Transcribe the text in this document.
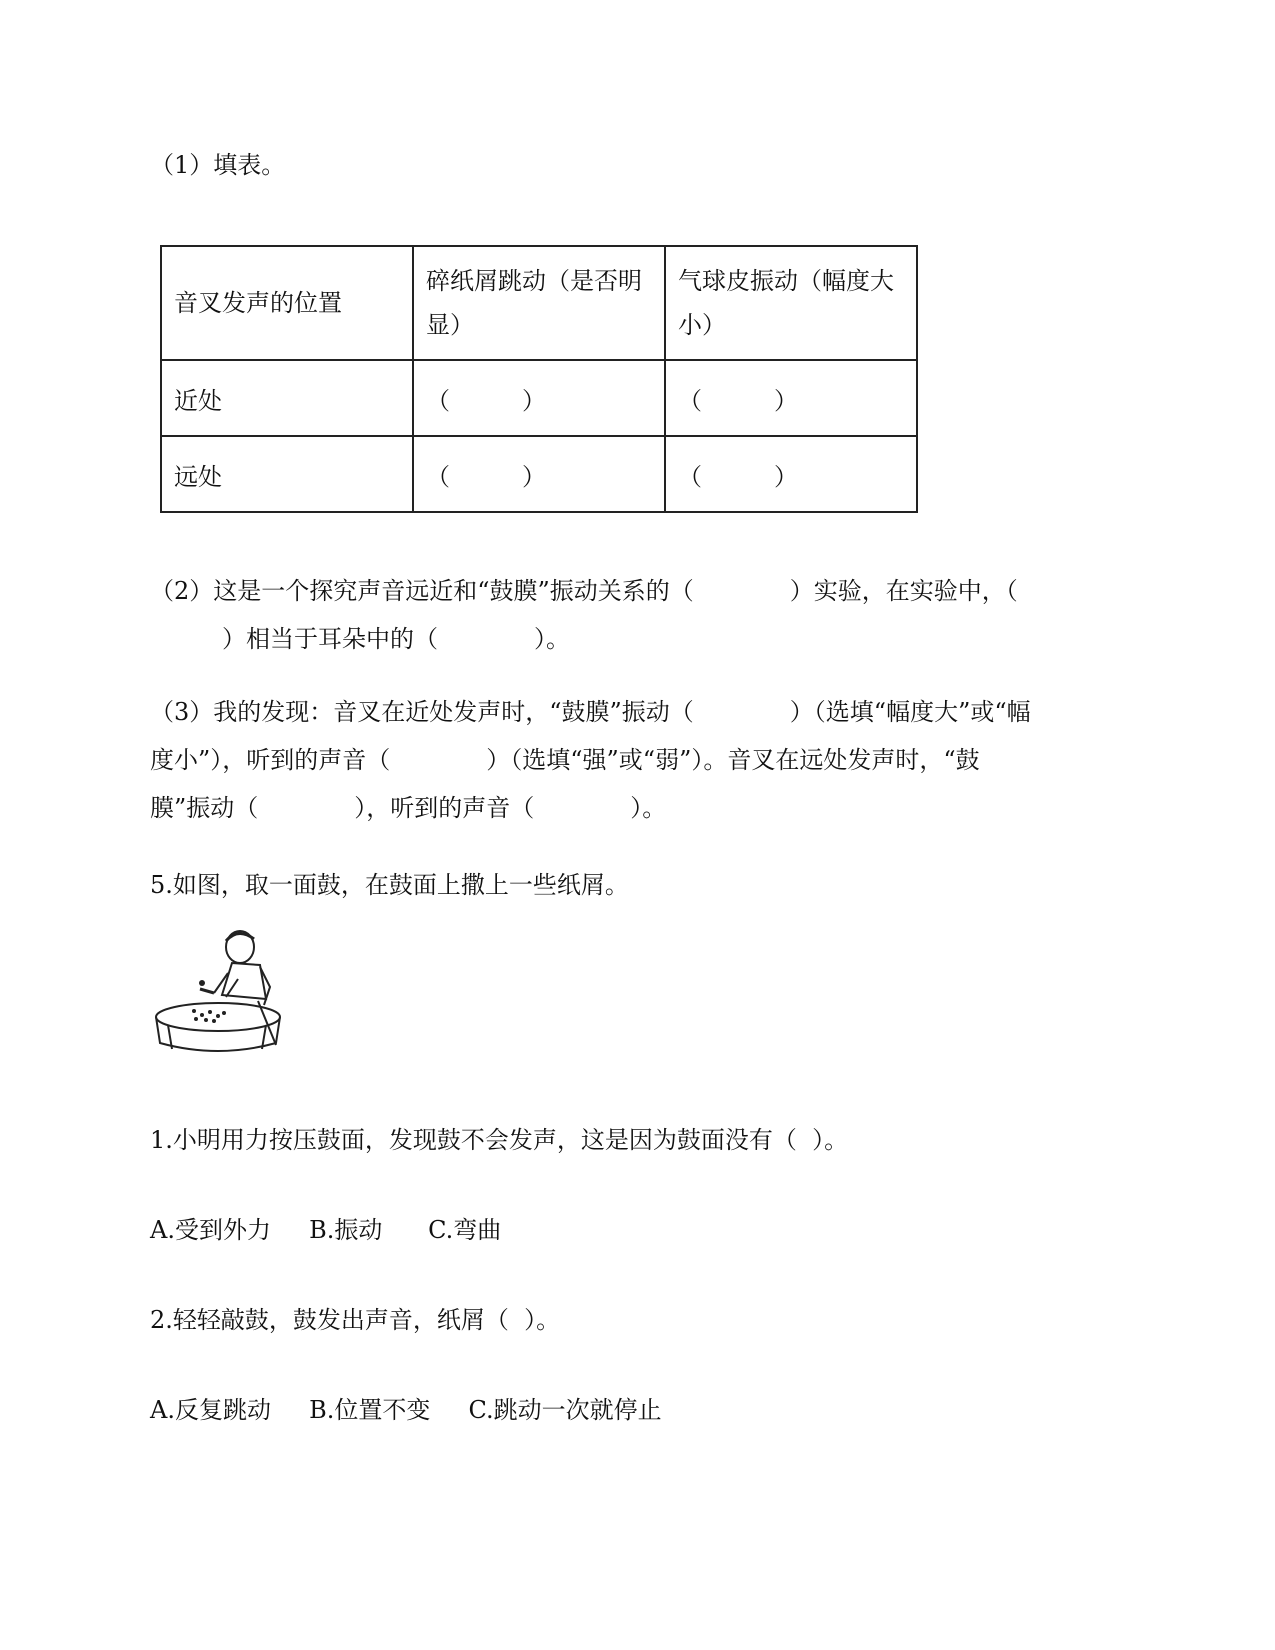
（1）填表。
音叉发声的位置	碎纸屑跳动（是否明显）	气球皮振动（幅度大小）

近处	（　　　）	（　　　）
远处	（　　　）	（　　　）
（2）这是一个探究声音远近和“鼓膜”振动关系的（　　　　）实验，在实验中，（
　　　）相当于耳朵中的（　　　　）。
（3）我的发现：音叉在近处发声时，“鼓膜”振动（　　　　）（选填“幅度大”或“幅
度小”），听到的声音（　　　　）（选填“强”或“弱”）。音叉在远处发声时，“鼓
膜”振动（　　　　），听到的声音（　　　　）。
5.如图，取一面鼓，在鼓面上撒上一些纸屑。
1.小明用力按压鼓面，发现鼓不会发声，这是因为鼓面没有（  ）。
A.受到外力 B.振动 C.弯曲
2.轻轻敲鼓，鼓发出声音，纸屑（  ）。
A.反复跳动 B.位置不变 C.跳动一次就停止
